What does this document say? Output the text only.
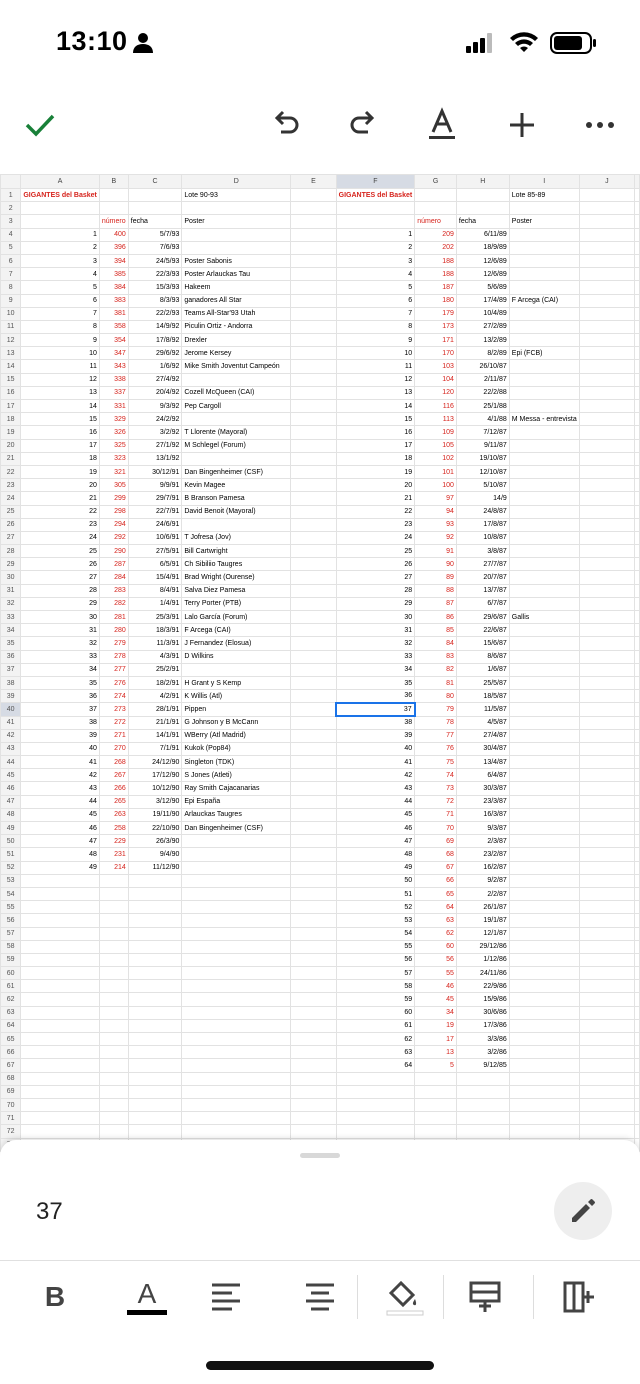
13:10
	A	B	C	D	E	F	G	H	I	J	
1	GIGANTES del Basket			Lote 90-93		GIGANTES del Basket			Lote 85-89		
2											
3		número	fecha	Poster			número	fecha	Poster		
4	1	400	5/7/93			1	209	6/11/89			
5	2	396	7/6/93			2	202	18/9/89			
6	3	394	24/5/93	Poster Sabonis		3	188	12/6/89			
7	4	385	22/3/93	Poster Arlauckas Tau		4	188	12/6/89			
8	5	384	15/3/93	Hakeem		5	187	5/6/89			
9	6	383	8/3/93	ganadores All Star		6	180	17/4/89	F Arcega (CAI)		
10	7	381	22/2/93	Teams All-Star'93 Utah		7	179	10/4/89			
11	8	358	14/9/92	Piculin Ortiz - Andorra		8	173	27/2/89			
12	9	354	17/8/92	Drexler		9	171	13/2/89			
13	10	347	29/6/92	Jerome Kersey		10	170	8/2/89	Epi (FCB)		
14	11	343	1/6/92	Mike Smith Joventut Campeón		11	103	26/10/87			
15	12	338	27/4/92			12	104	2/11/87			
16	13	337	20/4/92	Cozell McQueen (CAI)		13	120	22/2/88			
17	14	331	9/3/92	Pep Cargoll		14	116	25/1/88			
18	15	329	24/2/92			15	113	4/1/88	M Messa - entrevista		
19	16	326	3/2/92	T Llorente (Mayoral)		16	109	7/12/87			
20	17	325	27/1/92	M Schlegel (Forum)		17	105	9/11/87			
21	18	323	13/1/92			18	102	19/10/87			
22	19	321	30/12/91	Dan Bingenheimer (CSF)		19	101	12/10/87			
23	20	305	9/9/91	Kevin Magee		20	100	5/10/87			
24	21	299	29/7/91	B Branson Pamesa		21	97	14/9			
25	22	298	22/7/91	David Benoit (Mayoral)		22	94	24/8/87			
26	23	294	24/6/91			23	93	17/8/87			
27	24	292	10/6/91	T Jofresa (Jov)		24	92	10/8/87			
28	25	290	27/5/91	Bill Cartwright		25	91	3/8/87			
29	26	287	6/5/91	Ch Sibiliio Taugres		26	90	27/7/87			
30	27	284	15/4/91	Brad Wright (Ourense)		27	89	20/7/87			
31	28	283	8/4/91	Salva Diez Pamesa		28	88	13/7/87			
32	29	282	1/4/91	Terry Porter (PTB)		29	87	6/7/87			
33	30	281	25/3/91	Lalo García (Forum)		30	86	29/6/87	Gallis		
34	31	280	18/3/91	F Arcega (CAI)		31	85	22/6/87			
35	32	279	11/3/91	J Fernandez (Elosua)		32	84	15/6/87			
36	33	278	4/3/91	D Wilkins		33	83	8/6/87			
37	34	277	25/2/91			34	82	1/6/87			
38	35	276	18/2/91	H Grant y S Kemp		35	81	25/5/87			
39	36	274	4/2/91	K Willis (Atl)		36	80	18/5/87			
40	37	273	28/1/91	Pippen		37	79	11/5/87			
41	38	272	21/1/91	G Johnson y B McCann		38	78	4/5/87			
42	39	271	14/1/91	WBerry (Atl Madrid)		39	77	27/4/87			
43	40	270	7/1/91	Kukok (Pop84)		40	76	30/4/87			
44	41	268	24/12/90	Singleton (TDK)		41	75	13/4/87			
45	42	267	17/12/90	S Jones (Atleti)		42	74	6/4/87			
46	43	266	10/12/90	Ray Smith Cajacanarias		43	73	30/3/87			
47	44	265	3/12/90	Epi España		44	72	23/3/87			
48	45	263	19/11/90	Arlauckas Taugres		45	71	16/3/87			
49	46	258	22/10/90	Dan Bingenheimer (CSF)		46	70	9/3/87			
50	47	229	26/3/90			47	69	2/3/87			
51	48	231	9/4/90			48	68	23/2/87			
52	49	214	11/12/90			49	67	16/2/87			
53						50	66	9/2/87			
54						51	65	2/2/87			
55						52	64	26/1/87			
56						53	63	19/1/87			
57						54	62	12/1/87			
58						55	60	29/12/86			
59						56	56	1/12/86			
60						57	55	24/11/86			
61						58	46	22/9/86			
62						59	45	15/9/86			
63						60	34	30/6/86			
64						61	19	17/3/86			
65						62	17	3/3/86			
66						63	13	3/2/86			
67						64	5	9/12/85			
68											
69											
70											
71											
72											

37
B	A
